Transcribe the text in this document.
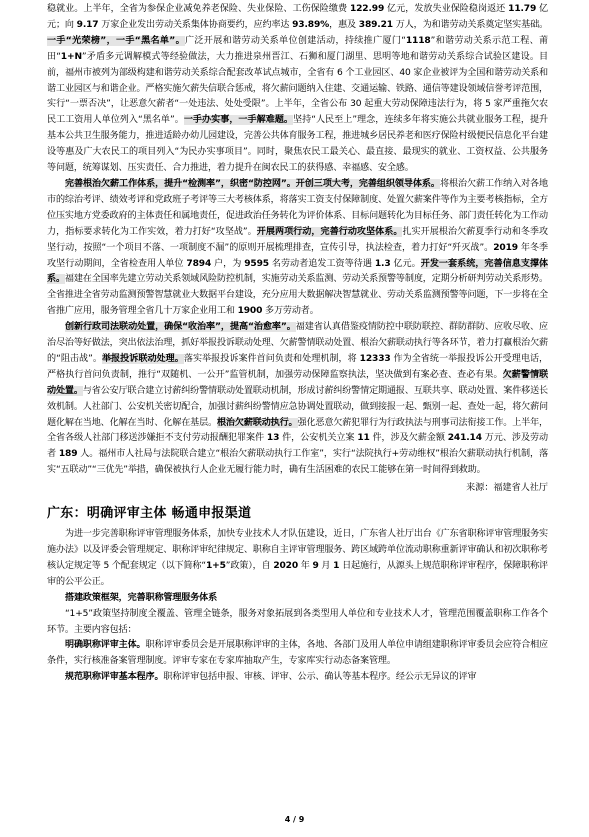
稳就业。上半年，全省为参保企业减免养老保险、失业保险、工伤保险缴费 122.99 亿元，发放失业保险稳岗返还 11.79 亿元；向 9.17 万家企业发出劳动关系集体协商要约，应约率达 93.89%，惠及 389.21 万人，为和谐劳动关系奠定坚实基础。一手“光荣榜”，一手“黑名单”。广泛开展和谐劳动关系单位创建活动，持续推广厦门“1118”和谐劳动关系示范工程、莆田“1+N”矛盾多元调解模式等经验做法，大力推进泉州晋江、石狮和厦门湖里、思明等地和谐劳动关系综合试验区建设。目前，福州市被列为部级构建和谐劳动关系综合配套改革试点城市，全省有 6 个工业园区、40 家企业被评为全国和谐劳动关系和谐工业园区与和谐企业。严格实施欠薪失信联合惩戒，将欠薪问题纳入住建、交通运输、铁路、通信等建设领域信誉考评范围，实行“一票否决”，让恶意欠薪者“一处违法、处处受限”。上半年，全省公布 30 起重大劳动保障违法行为，将 5 家严重拖欠农民工工资用人单位列入“黑名单”。一手办实事，一手解难题。坚持“人民至上”理念，连续多年将实施公共就业服务工程，提升基本公共卫生服务能力，推进适龄办幼儿园建设，完善公共体育服务工程，推进城乡居民养老和医疗保险村级便民信息化平台建设等惠及广大农民工的项目列入“为民办实事项目”。同时，聚焦农民工最关心、最直接、最现实的就业、工资权益、公共服务等问题，统筹谋划、压实责任、合力推进，着力提升在闽农民工的获得感、幸福感、安全感。

完善根治欠薪工作体系，提升“检测率”，织密“防控网”。开创三项大考，完善组织领导体系。将根治欠薪工作纳入对各地市的综治考评、绩效考评和党政班子考评等三大考核体系，将落实工资支付保障制度、处置欠薪案件等作为主要考核指标，全方位压实地方党委政府的主体责任和属地责任，促进政治任务转化为评价体系、目标问题转化为目标任务、部门责任转化为工作动力，指标要求转化为工作实效，着力打好“攻坚战”。开展两项行动，完善行动攻坚体系。扎实开展根治欠薪夏季行动和冬季攻坚行动，按照“一个项目不落、一项制度不漏”的原则开展梳理排查，宣传引导，执法检查，着力打好“歼灭战”。2019 年冬季攻坚行动期间，全省检查用人单位 7894 户，为 9595 名劳动者追发工资等待遇 1.3 亿元。开发一套系统，完善信息支撑体系。福建在全国率先建立劳动关系领域风险防控机制，实施劳动关系监测、劳动关系预警等制度，定期分析研判劳动关系形势。全省推进全省劳动监测预警智慧就业大数据平台建设，充分应用大数据解决智慧就业、劳动关系监测预警等问题，下一步将在全省推广应用，服务管理全省几十万家企业用工和 1900 多万劳动者。

创新行政司法联动处置，确保“收治率”，提高“治愈率”。福建省认真借鉴疫情防控中联防联控、群防群防、应收尽收、应治尽治等好做法，突出依法治理，抓好举报投诉联动处理、欠薪警情联动处置、根治欠薪联动执行等各环节，着力打赢根治欠薪的“阻击战”。举报投诉联动处理。落实举报投诉案件首问负责和处理机制，将 12333 作为全省统一举报投诉公开受理电话，严格执行首问负责制，推行“双随机、一公开”监管机制，加强劳动保障监察执法，坚决做到有案必查、查必有果。欠薪警情联动处置。与省公安厅联合建立讨薪纠纷警情联动处置联动机制，形成讨薪纠纷警情定期通报、互联共享、联动处置、案件移送长效机制。人社部门、公安机关密切配合，加强讨薪纠纷警情应急协调处置联动，做到接报一起、甄别一起、查处一起，将欠薪问题化解在当地、化解在当时、化解在基层。根治欠薪联动执行。强化恶意欠薪犯罪行为行政执法与刑事司法衔接工作。上半年，全省各级人社部门移送涉嫌拒不支付劳动报酬犯罪案件 13 件，公安机关立案 11 件，涉及欠薪金额 241.14 万元、涉及劳动者 189 人。福州市人社局与法院联合建立“根治欠薪联动执行工作室”，实行“法院执行+劳动维权”根治欠薪联动执行机制，落实“五联动”“三优先”举措，确保被执行人企业无履行能力时，确有生活困难的农民工能够在第一时间得到救助。

来源：福建省人社厅
广东：明确评审主体 畅通申报渠道

为进一步完善职称评审管理服务体系，加快专业技术人才队伍建设，近日，广东省人社厅出台《广东省职称评审管理服务实施办法》以及评委会管理规定、职称评审纪律规定、职称自主评审管理服务、跨区域跨单位流动职称重新评审确认和初次职称考核认定规定等 5 个配套规定（以下简称“1+5”政策），自 2020 年 9 月 1 日起施行，从源头上规范职称评审程序，保障职称评审的公平公正。

搭建政策框架，完善职称管理服务体系

“1+5”政策坚持制度全覆盖、管理全链条，服务对象拓展到各类型用人单位和专业技术人才，管理范围覆盖职称工作各个环节。主要内容包括：

明确职称评审主体。职称评审委员会是开展职称评审的主体，各地、各部门及用人单位申请组建职称评审委员会应符合相应条件，实行核准备案管理制度。评审专家在专家库抽取产生，专家库实行动态备案管理。

规范职称评审基本程序。职称评审包括申报、审核、评审、公示、确认等基本程序。经公示无异议的评审

4 / 9
